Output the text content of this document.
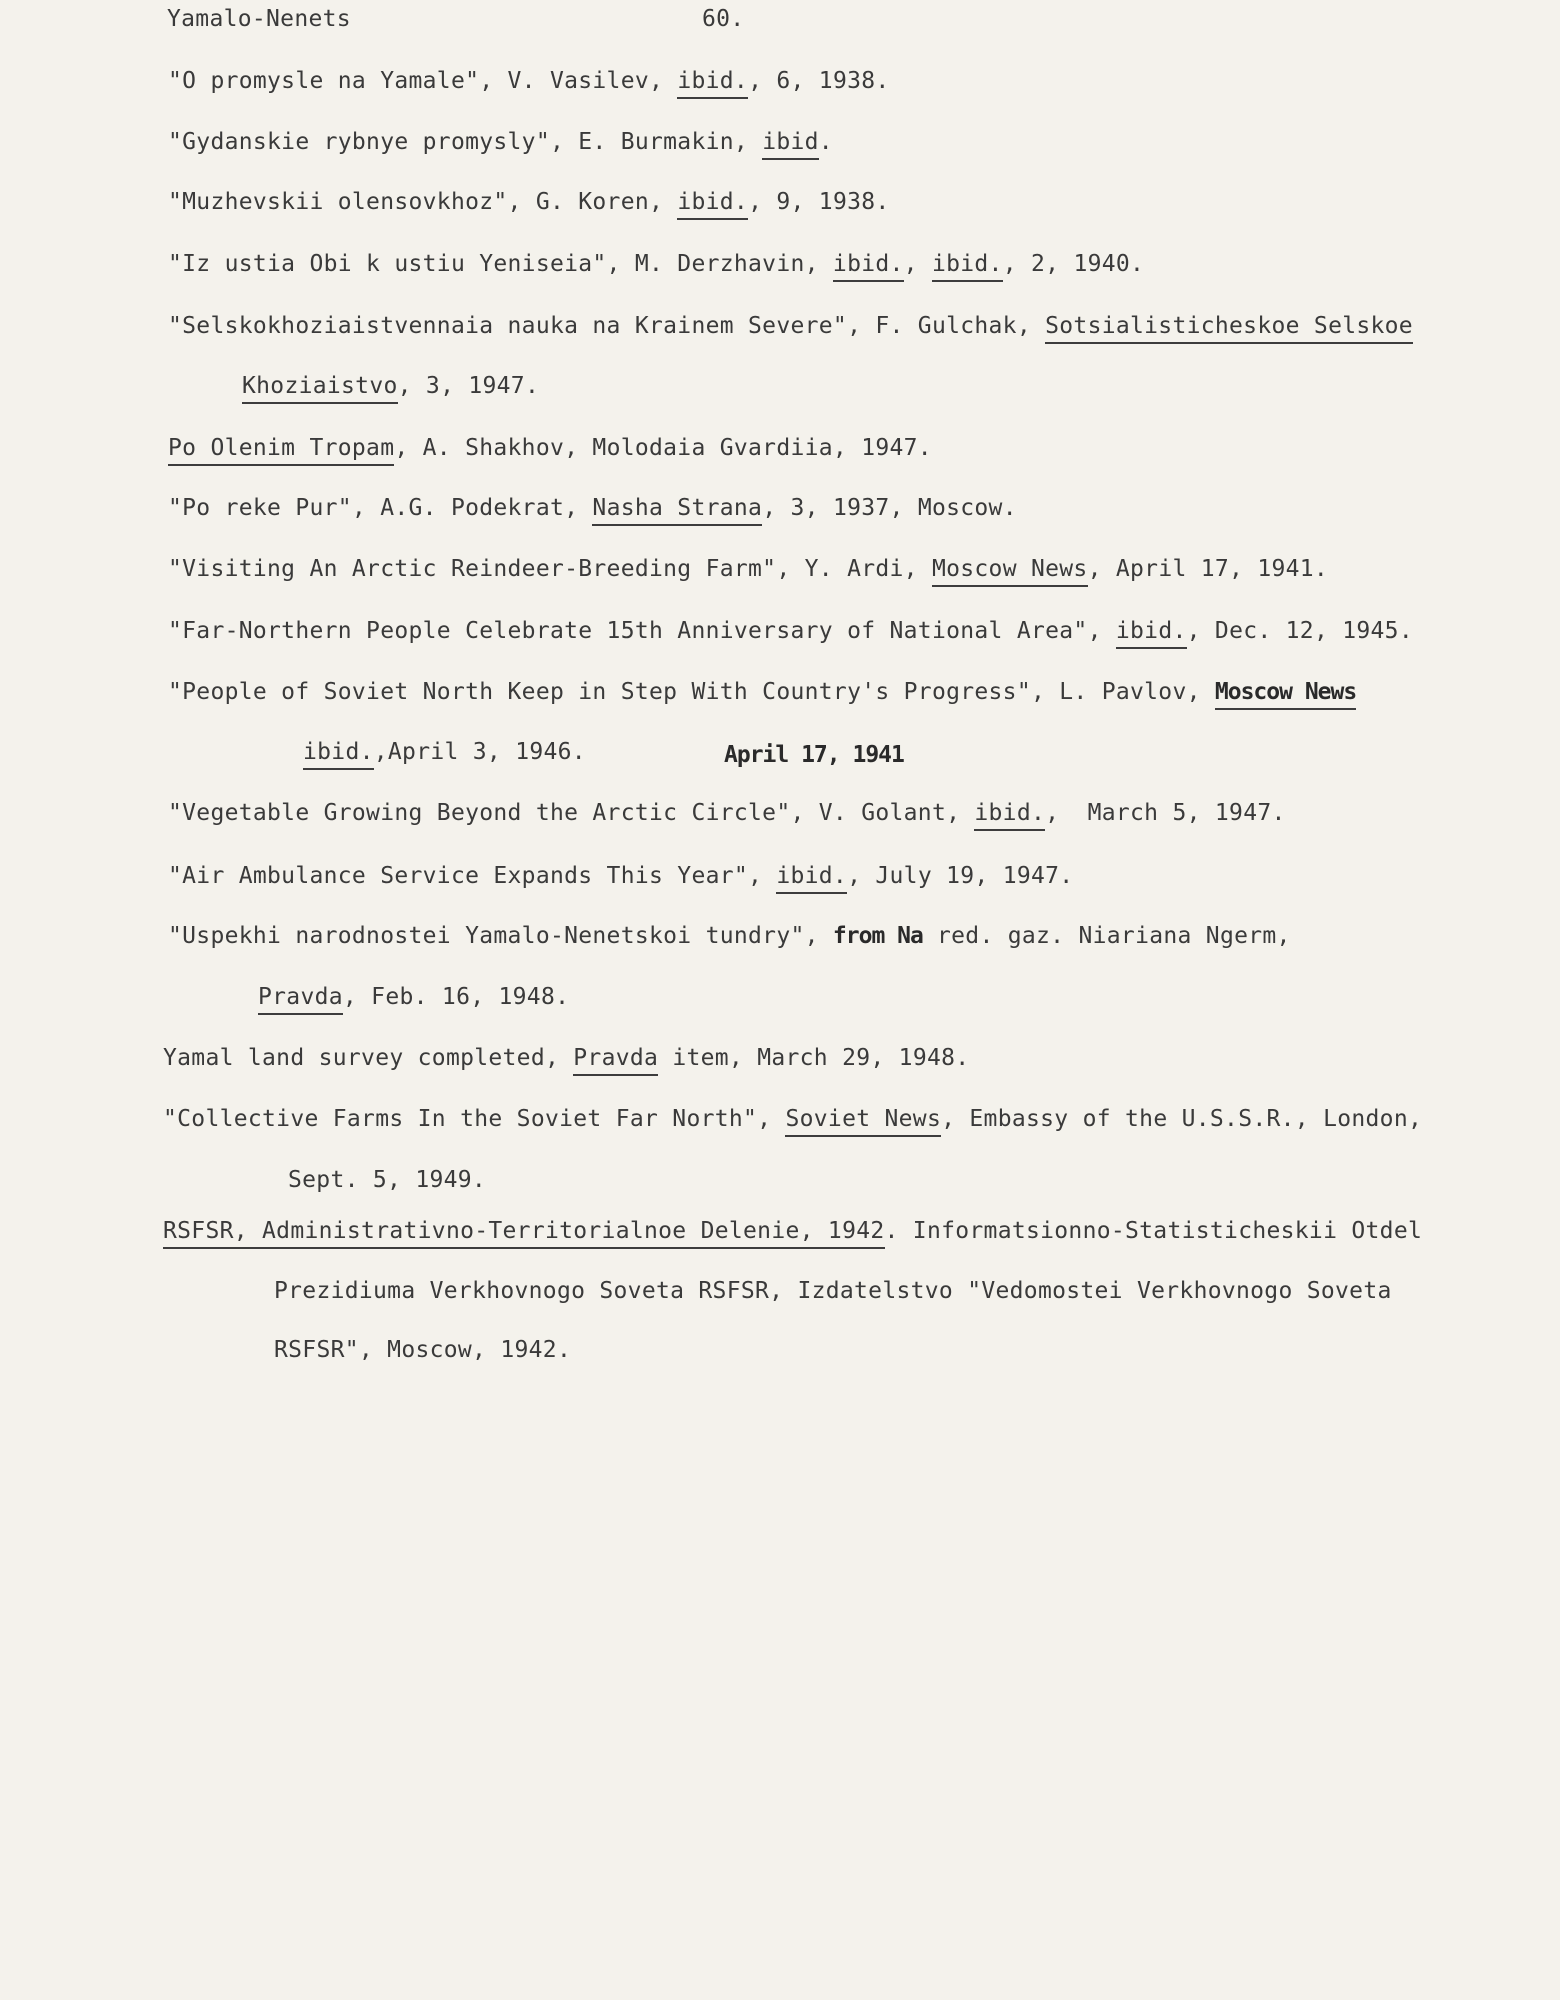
Yamalo-Nenets	60.
"O promysle na Yamale", V. Vasilev, ibid., 6, 1938.
"Gydanskie rybnye promysly", E. Burmakin, ibid.
"Muzhevskii olensovkhoz", G. Koren, ibid., 9, 1938.
"Iz ustia Obi k ustiu Yeniseia", M. Derzhavin, ibid., ibid., 2, 1940.
"Selskokhoziaistvennaia nauka na Krainem Severe", F. Gulchak, Sotsialisticheskoe Selskoe
Khoziaistvo, 3, 1947.
Po Olenim Tropam, A. Shakhov, Molodaia Gvardiia, 1947.
"Po reke Pur", A.G. Podekrat, Nasha Strana, 3, 1937, Moscow.
"Visiting An Arctic Reindeer-Breeding Farm", Y. Ardi, Moscow News, April 17, 1941.
"Far-Northern People Celebrate 15th Anniversary of National Area", ibid., Dec. 12, 1945.
"People of Soviet North Keep in Step With Country's Progress", L. Pavlov, Moscow News
ibid.,April 3, 1946.	April 17, 1941
"Vegetable Growing Beyond the Arctic Circle", V. Golant, ibid.,  March 5, 1947.
"Air Ambulance Service Expands This Year", ibid., July 19, 1947.
"Uspekhi narodnostei Yamalo-Nenetskoi tundry", from Na red. gaz. Niariana Ngerm,
Pravda, Feb. 16, 1948.
Yamal land survey completed, Pravda item, March 29, 1948.
"Collective Farms In the Soviet Far North", Soviet News, Embassy of the U.S.S.R., London,
Sept. 5, 1949.
RSFSR, Administrativno-Territorialnoe Delenie, 1942. Informatsionno-Statisticheskii Otdel
Prezidiuma Verkhovnogo Soveta RSFSR, Izdatelstvo "Vedomostei Verkhovnogo Soveta
RSFSR", Moscow, 1942.
